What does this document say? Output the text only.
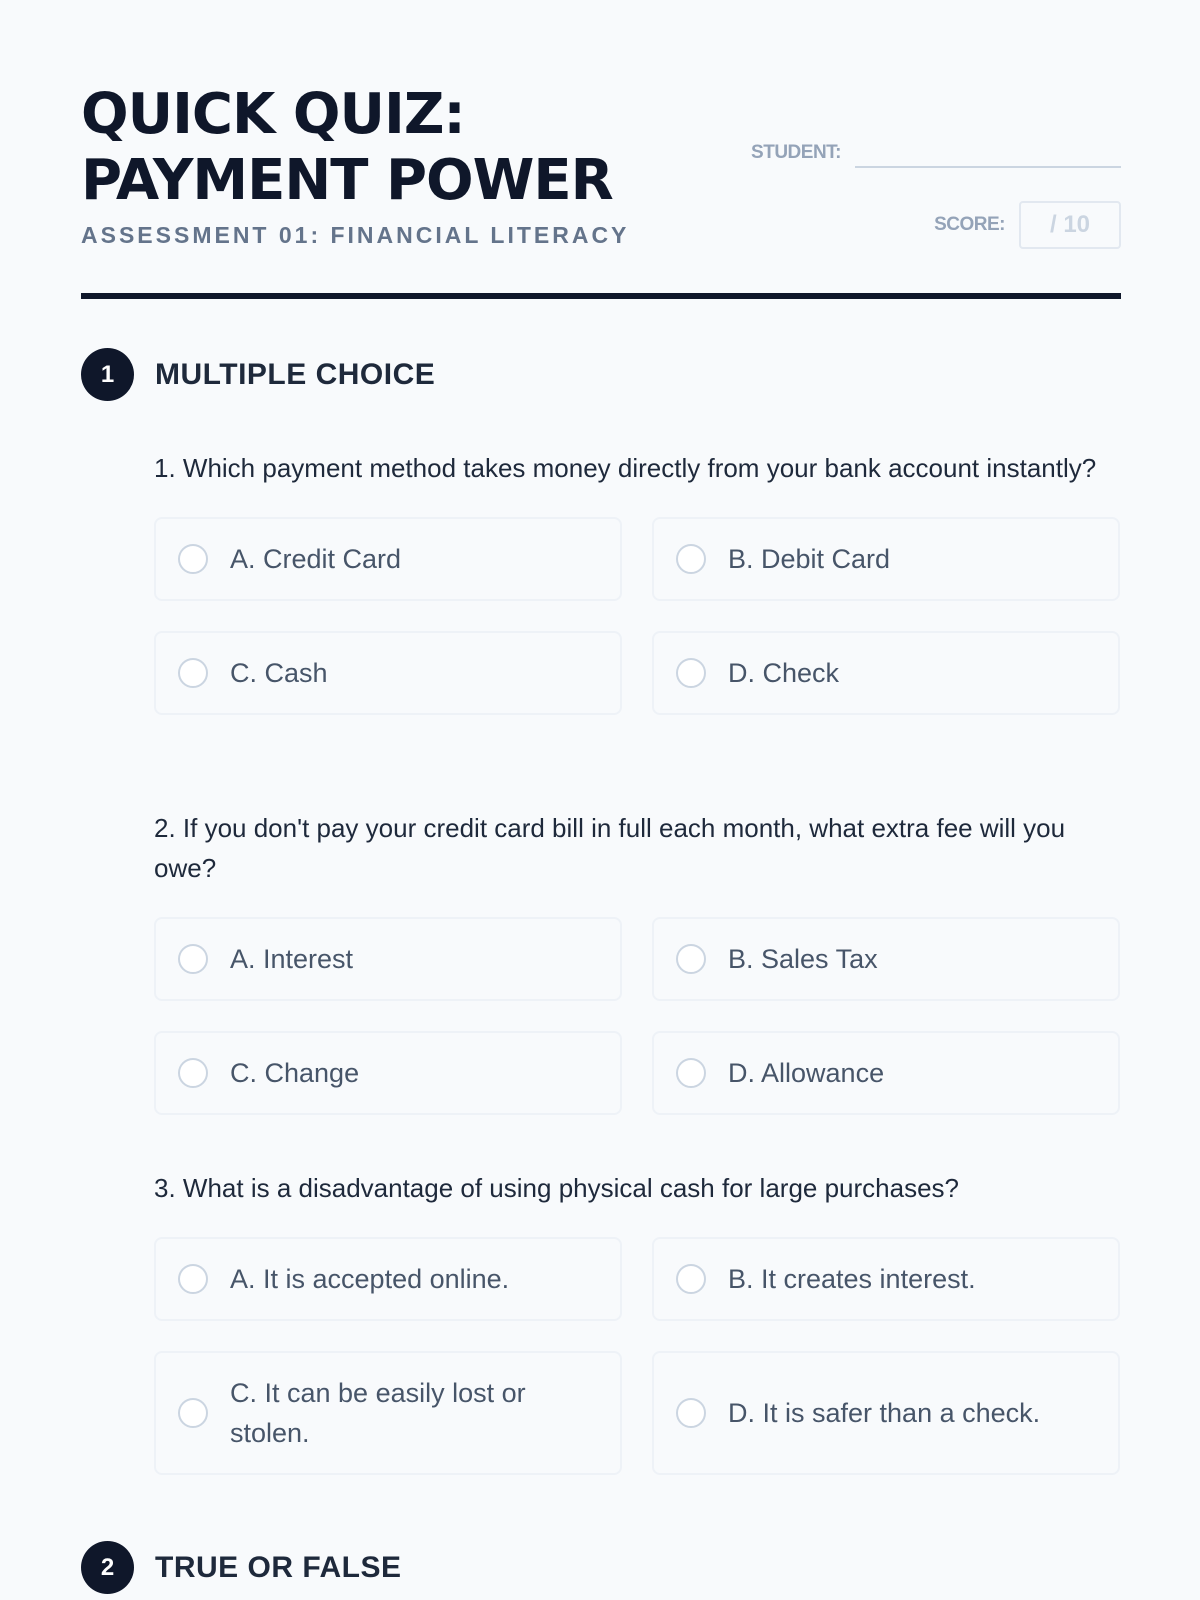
QUICK QUIZ:
PAYMENT POWER
ASSESSMENT 01: FINANCIAL LITERACY
STUDENT:
SCORE:	/ 10
1	MULTIPLE CHOICE

1. Which payment method takes money directly from your bank account instantly?

A. Credit Card	B. Debit Card
C. Cash	D. Check

2. If you don't pay your credit card bill in full each month, what extra fee will you owe?

A. Interest	B. Sales Tax
C. Change	D. Allowance

3. What is a disadvantage of using physical cash for large purchases?

A. It is accepted online.	B. It creates interest.
C. It can be easily lost or stolen.
D. It is safer than a check.
2	TRUE OR FALSE
